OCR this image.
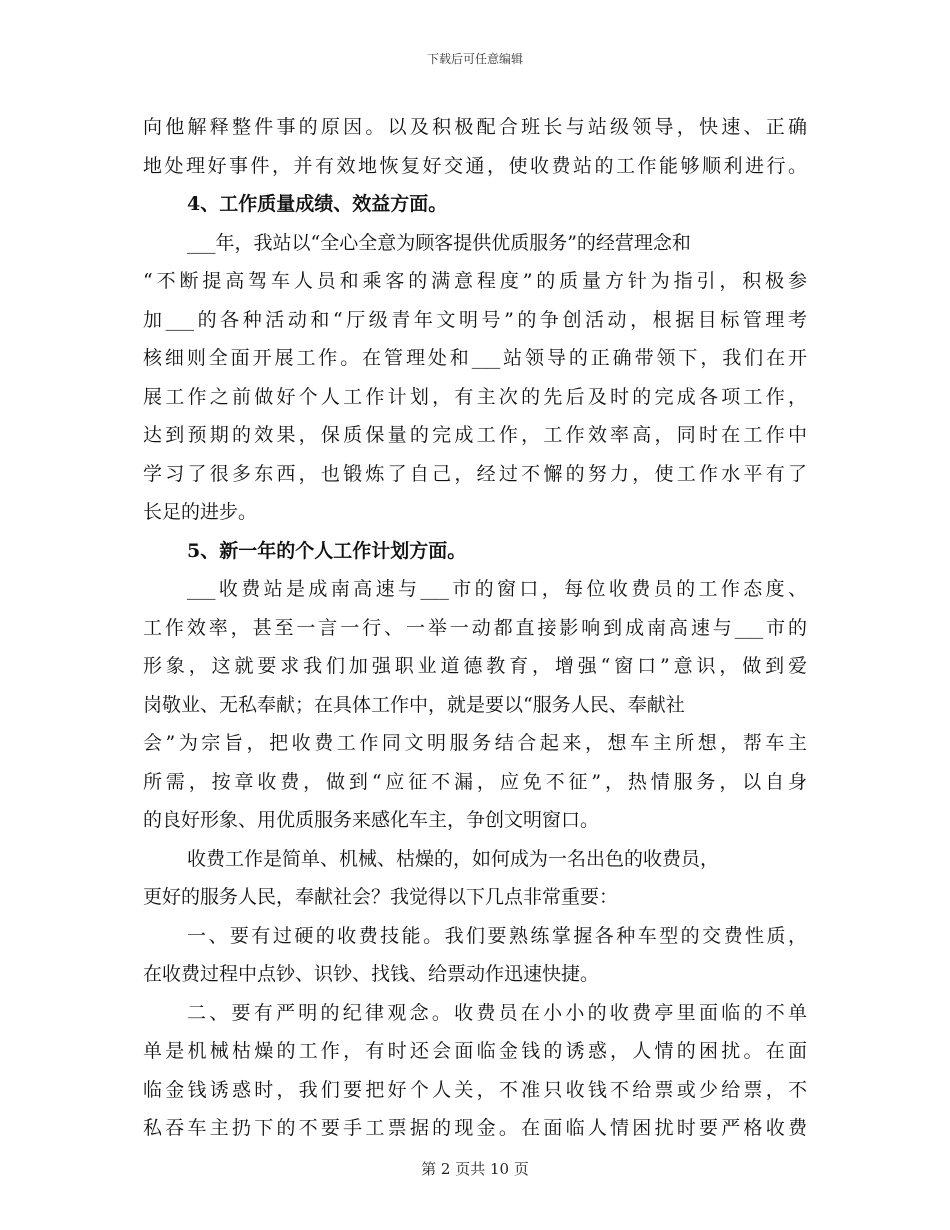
下载后可任意编辑
向他解释整件事的原因。以及积极配合班长与站级领导，快速、正确
地处理好事件，并有效地恢复好交通，使收费站的工作能够顺利进行。
4、工作质量成绩、效益方面。
___年，我站以“全心全意为顾客提供优质服务”的经营理念和
“不断提高驾车人员和乘客的满意程度”的质量方针为指引，积极参
加___的各种活动和“厅级青年文明号”的争创活动，根据目标管理考
核细则全面开展工作。在管理处和___站领导的正确带领下，我们在开
展工作之前做好个人工作计划，有主次的先后及时的完成各项工作，
达到预期的效果，保质保量的完成工作，工作效率高，同时在工作中
学习了很多东西，也锻炼了自己，经过不懈的努力，使工作水平有了
长足的进步。
5、新一年的个人工作计划方面。
___收费站是成南高速与___市的窗口，每位收费员的工作态度、
工作效率，甚至一言一行、一举一动都直接影响到成南高速与___市的
形象，这就要求我们加强职业道德教育，增强“窗口”意识，做到爱
岗敬业、无私奉献；在具体工作中，就是要以“服务人民、奉献社
会”为宗旨，把收费工作同文明服务结合起来，想车主所想，帮车主
所需，按章收费，做到“应征不漏，应免不征”，热情服务，以自身
的良好形象、用优质服务来感化车主，争创文明窗口。
收费工作是简单、机械、枯燥的，如何成为一名出色的收费员，
更好的服务人民，奉献社会？我觉得以下几点非常重要：
一、要有过硬的收费技能。我们要熟练掌握各种车型的交费性质，
在收费过程中点钞、识钞、找钱、给票动作迅速快捷。
二、要有严明的纪律观念。收费员在小小的收费亭里面临的不单
单是机械枯燥的工作，有时还会面临金钱的诱惑，人情的困扰。在面
临金钱诱惑时，我们要把好个人关，不准只收钱不给票或少给票，不
私吞车主扔下的不要手工票据的现金。在面临人情困扰时要严格收费
第 2 页共 10 页
